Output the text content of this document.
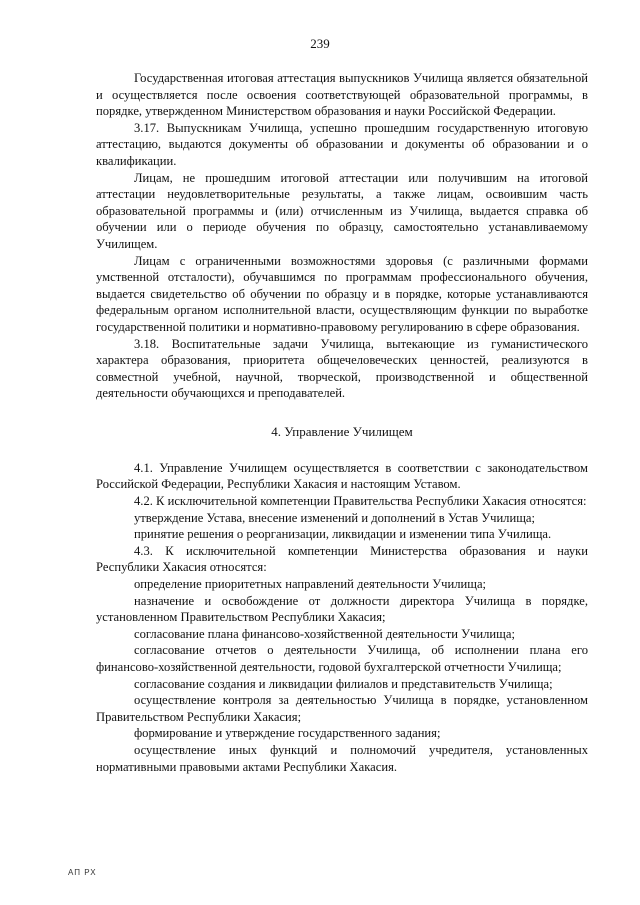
239

Государственная итоговая аттестация выпускников Училища является обязательной и осуществляется после освоения соответствующей образовательной программы, в порядке, утвержденном Министерством образования и науки Российской Федерации.

3.17. Выпускникам Училища, успешно прошедшим государственную итоговую аттестацию, выдаются документы об образовании и документы об образовании и о квалификации.

Лицам, не прошедшим итоговой аттестации или получившим на итоговой аттестации неудовлетворительные результаты, а также лицам, освоившим часть образовательной программы и (или) отчисленным из Училища, выдается справка об обучении или о периоде обучения по образцу, самостоятельно устанавливаемому Училищем.

Лицам с ограниченными возможностями здоровья (с различными формами умственной отсталости), обучавшимся по программам профессионального обучения, выдается свидетельство об обучении по образцу и в порядке, которые устанавливаются федеральным органом исполнительной власти, осуществляющим функции по выработке государственной политики и нормативно-правовому регулированию в сфере образования.

3.18. Воспитательные задачи Училища, вытекающие из гуманистического характера образования, приоритета общечеловеческих ценностей, реализуются в совместной учебной, научной, творческой, производственной и общественной деятельности обучающихся и преподавателей.

4. Управление Училищем

4.1. Управление Училищем осуществляется в соответствии с законодательством Российской Федерации, Республики Хакасия и настоящим Уставом.

4.2. К исключительной компетенции Правительства Республики Хакасия относятся:

утверждение Устава, внесение изменений и дополнений в Устав Училища;

принятие решения о реорганизации, ликвидации и изменении типа Училища.

4.3. К исключительной компетенции Министерства образования и науки Республики Хакасия относятся:

определение приоритетных направлений деятельности Училища;

назначение и освобождение от должности директора Училища в порядке, установленном Правительством Республики Хакасия;

согласование плана финансово-хозяйственной деятельности Училища;

согласование отчетов о деятельности Училища, об исполнении плана его финансово-хозяйственной деятельности, годовой бухгалтерской отчетности Училища;

согласование создания и ликвидации филиалов и представительств Училища;

осуществление контроля за деятельностью Училища в порядке, установленном Правительством Республики Хакасия;

формирование и утверждение государственного задания;

осуществление иных функций и полномочий учредителя, установленных нормативными правовыми актами Республики Хакасия.

АП РХ
